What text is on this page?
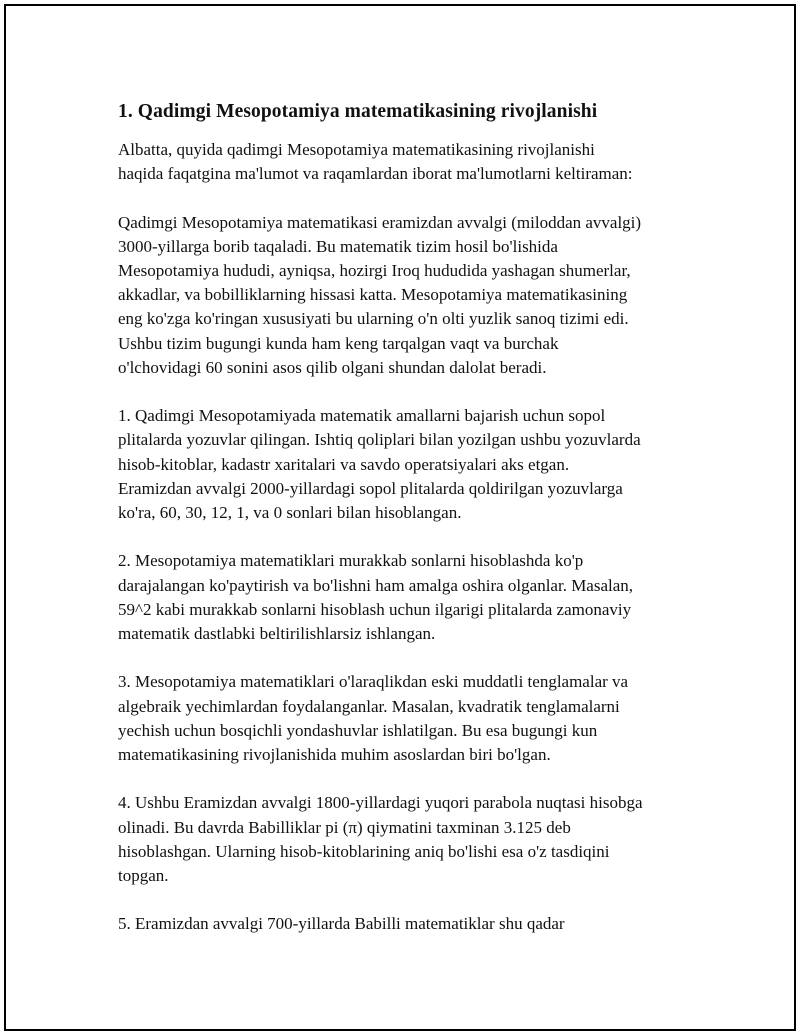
1. Qadimgi Mesopotamiya matematikasining rivojlanishi

Albatta, quyida qadimgi Mesopotamiya matematikasining rivojlanishi
haqida faqatgina ma'lumot va raqamlardan iborat ma'lumotlarni keltiraman:

Qadimgi Mesopotamiya matematikasi eramizdan avvalgi (miloddan avvalgi)
3000-yillarga borib taqaladi. Bu matematik tizim hosil bo'lishida
Mesopotamiya hududi, ayniqsa, hozirgi Iroq hududida yashagan shumerlar,
akkadlar, va bobilliklarning hissasi katta. Mesopotamiya matematikasining
eng ko'zga ko'ringan xususiyati bu ularning o'n olti yuzlik sanoq tizimi edi.
Ushbu tizim bugungi kunda ham keng tarqalgan vaqt va burchak
o'lchovidagi 60 sonini asos qilib olgani shundan dalolat beradi.

1. Qadimgi Mesopotamiyada matematik amallarni bajarish uchun sopol
plitalarda yozuvlar qilingan. Ishtiq qoliplari bilan yozilgan ushbu yozuvlarda
hisob-kitoblar, kadastr xaritalari va savdo operatsiyalari aks etgan.
Eramizdan avvalgi 2000-yillardagi sopol plitalarda qoldirilgan yozuvlarga
ko'ra, 60, 30, 12, 1, va 0 sonlari bilan hisoblangan.

2. Mesopotamiya matematiklari murakkab sonlarni hisoblashda ko'p
darajalangan ko'paytirish va bo'lishni ham amalga oshira olganlar. Masalan,
59^2 kabi murakkab sonlarni hisoblash uchun ilgarigi plitalarda zamonaviy
matematik dastlabki beltirilishlarsiz ishlangan.

3. Mesopotamiya matematiklari o'laraqlikdan eski muddatli tenglamalar va
algebraik yechimlardan foydalanganlar. Masalan, kvadratik tenglamalarni
yechish uchun bosqichli yondashuvlar ishlatilgan. Bu esa bugungi kun
matematikasining rivojlanishida muhim asoslardan biri bo'lgan.

4. Ushbu Eramizdan avvalgi 1800-yillardagi yuqori parabola nuqtasi hisobga
olinadi. Bu davrda Babilliklar pi (π) qiymatini taxminan 3.125 deb
hisoblashgan. Ularning hisob-kitoblarining aniq bo'lishi esa o'z tasdiqini
topgan.

5. Eramizdan avvalgi 700-yillarda Babilli matematiklar shu qadar
